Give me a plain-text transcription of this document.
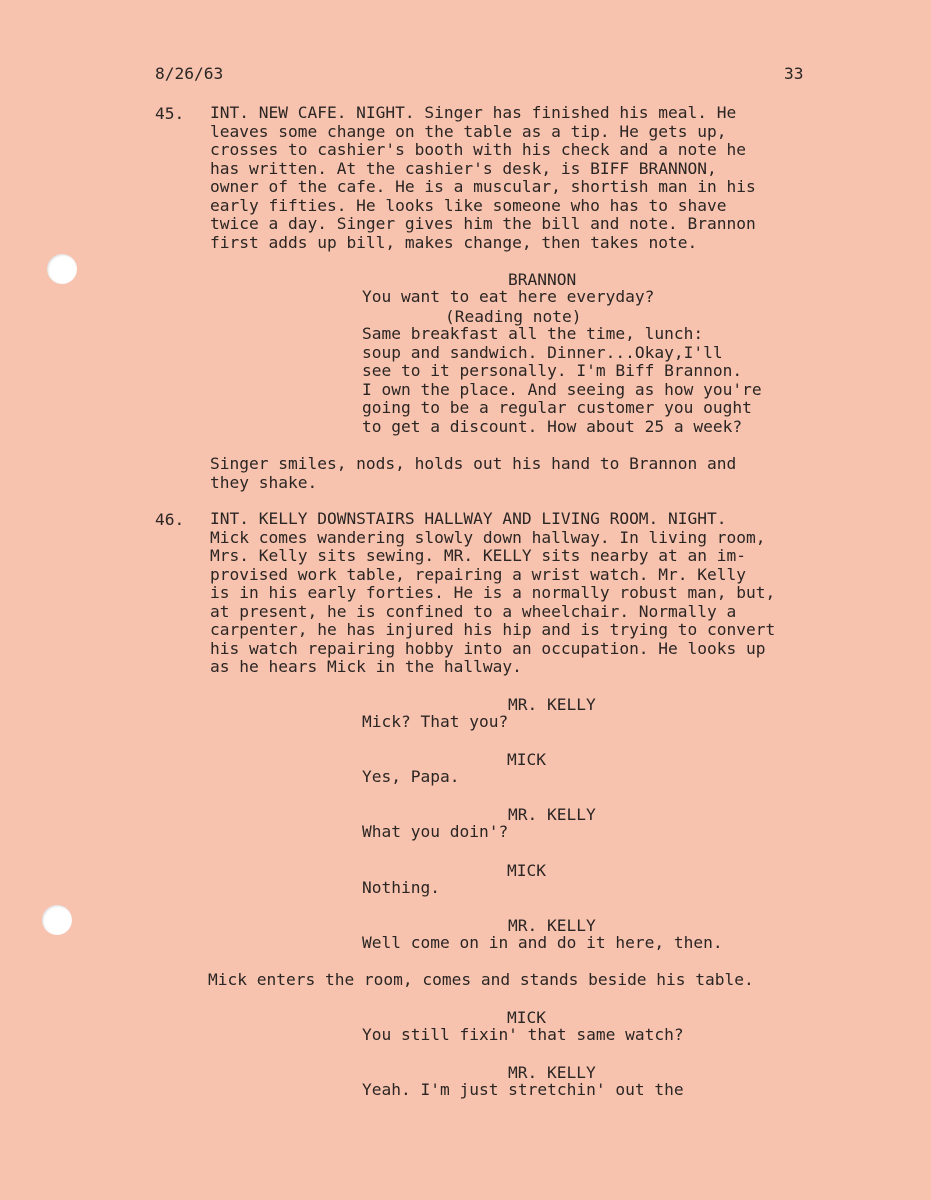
8/26/63	33
45. INT. NEW CAFE. NIGHT. Singer has finished his meal. He
leaves some change on the table as a tip. He gets up,
crosses to cashier's booth with his check and a note he
has written. At the cashier's desk, is BIFF BRANNON,
owner of the cafe. He is a muscular, shortish man in his
early fifties. He looks like someone who has to shave
twice a day. Singer gives him the bill and note. Brannon
first adds up bill, makes change, then takes note.

BRANNON
You want to eat here everyday?
(Reading note)
Same breakfast all the time, lunch:
soup and sandwich. Dinner...Okay,I'll
see to it personally. I'm Biff Brannon.
I own the place. And seeing as how you're
going to be a regular customer you ought
to get a discount. How about 25 a week?

Singer smiles, nods, holds out his hand to Brannon and
they shake.

46. INT. KELLY DOWNSTAIRS HALLWAY AND LIVING ROOM. NIGHT.
Mick comes wandering slowly down hallway. In living room,
Mrs. Kelly sits sewing. MR. KELLY sits nearby at an im-
provised work table, repairing a wrist watch. Mr. Kelly
is in his early forties. He is a normally robust man, but,
at present, he is confined to a wheelchair. Normally a
carpenter, he has injured his hip and is trying to convert
his watch repairing hobby into an occupation. He looks up
as he hears Mick in the hallway.

MR. KELLY
Mick? That you?
MICK
Yes, Papa.
MR. KELLY
What you doin'?
MICK
Nothing.
MR. KELLY
Well come on in and do it here, then.

Mick enters the room, comes and stands beside his table.

MICK
You still fixin' that same watch?
MR. KELLY
Yeah. I'm just stretchin' out the
